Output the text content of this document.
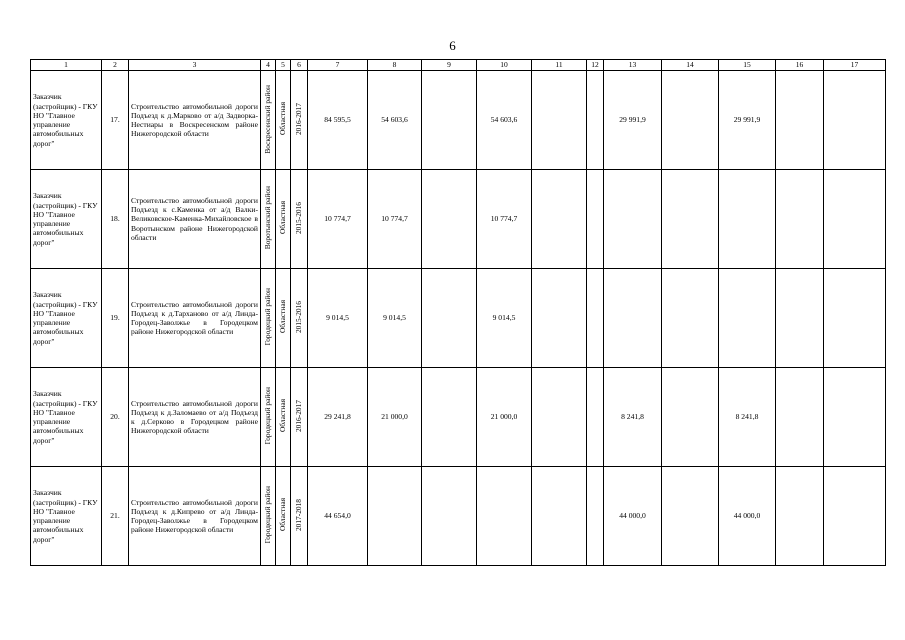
6
1	2	3	4	5	6	7	8	9	10	11	12	13	14	15	16	17
Заказчик (застройщик) - ГКУ НО "Главное управление автомобильных дорог"	17.	Строительство автомобильной дороги Подъезд к д.Марково от а/д Задворка-Нестиары в Воскресенском районе Нижегородской области	Воскресенский район	Областная	2016-2017	84 595,5	54 603,6		54 603,6			29 991,9		29 991,9		
Заказчик (застройщик) - ГКУ НО "Главное управление автомобильных дорог"	18.	Строительство автомобильной дороги Подъезд к с.Каменка от а/д Валки-Великовское-Каменка-Михайловское в Воротынском районе Нижегородской области	Воротынский район	Областная	2015-2016	10 774,7	10 774,7		10 774,7							
Заказчик (застройщик) - ГКУ НО "Главное управление автомобильных дорог"	19.	Строительство автомобильной дороги Подъезд к д.Тарханово от а/д Линда-Городец-Заволжье в Городецком районе Нижегородской области	Городецкий район	Областная	2015-2016	9 014,5	9 014,5		9 014,5							
Заказчик (застройщик) - ГКУ НО "Главное управление автомобильных дорог"	20.	Строительство автомобильной дороги Подъезд к д.Заломаево от а/д Подъезд к д.Серково в Городецком районе Нижегородской области	Городецкий район	Областная	2016-2017	29 241,8	21 000,0		21 000,0			8 241,8		8 241,8		
Заказчик (застройщик) - ГКУ НО "Главное управление автомобильных дорог"	21.	Строительство автомобильной дороги Подъезд к д.Кипрево от а/д Линда-Городец-Заволжье в Городецком районе Нижегородской области	Городецкий район	Областная	2017-2018	44 654,0						44 000,0		44 000,0		
